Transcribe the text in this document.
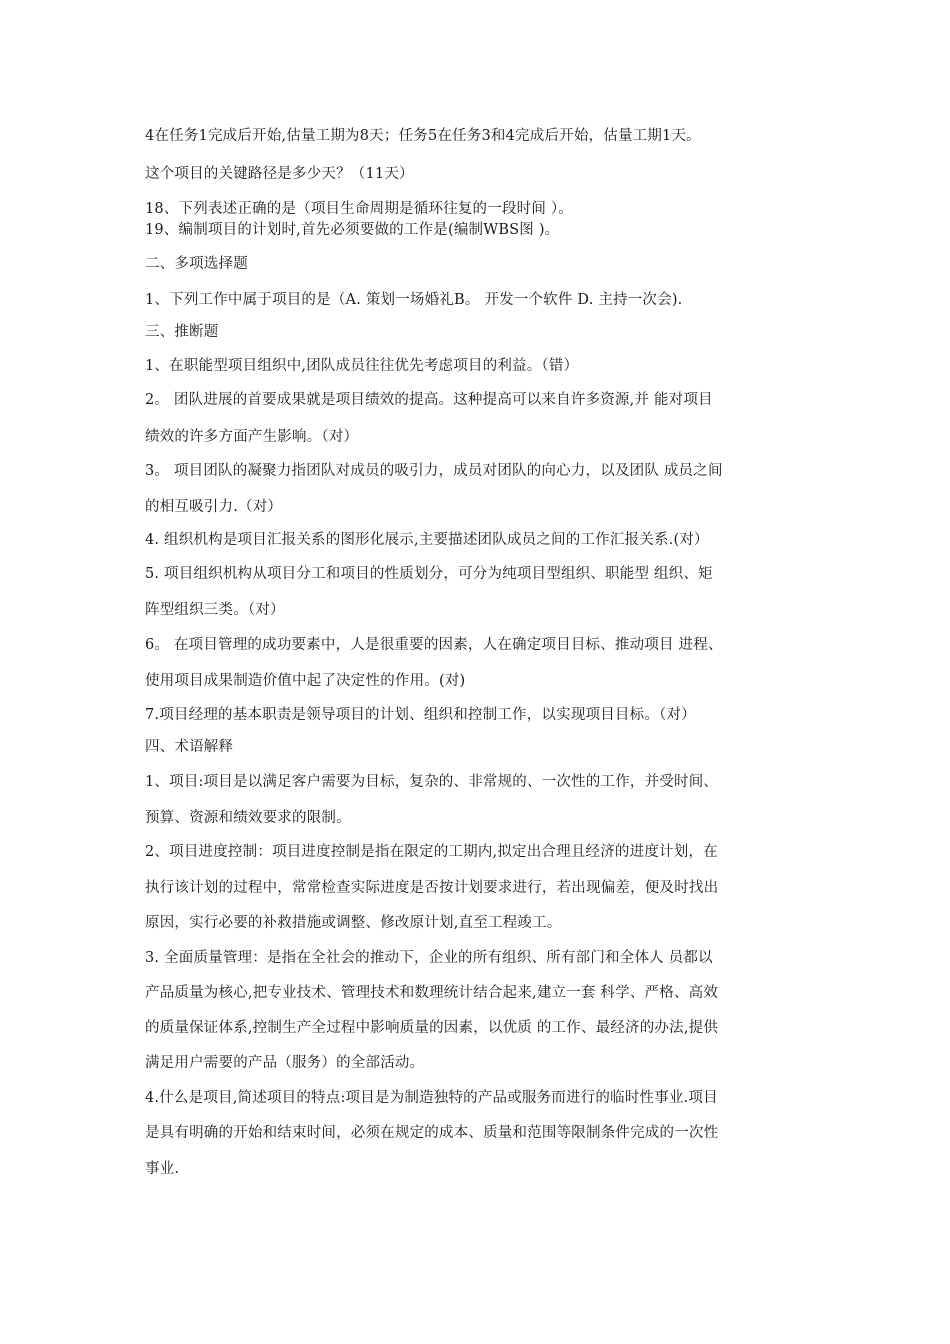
4在任务1完成后开始,估量工期为8天；任务5在任务3和4完成后开始，估量工期1天。
这个项目的关键路径是多少天？（11天）
18、下列表述正确的是（项目生命周期是循环往复的一段时间 ）。
19、编制项目的计划时,首先必须要做的工作是(编制WBS图 )。
二、多项选择题
1、下列工作中属于项目的是（A. 策划一场婚礼B。 开发一个软件 D. 主持一次会).
三、推断题
1、在职能型项目组织中,团队成员往往优先考虑项目的利益。（错）
2。 团队进展的首要成果就是项目绩效的提高。这种提高可以来自许多资源,并 能对项目
绩效的许多方面产生影响。（对）
3。 项目团队的凝聚力指团队对成员的吸引力，成员对团队的向心力，以及团队 成员之间
的相互吸引力.（对）
4. 组织机构是项目汇报关系的图形化展示,主要描述团队成员之间的工作汇报关系.(对）
5. 项目组织机构从项目分工和项目的性质划分，可分为纯项目型组织、职能型 组织、矩
阵型组织三类。（对）
6。 在项目管理的成功要素中，人是很重要的因素，人在确定项目目标、推动项目 进程、
使用项目成果制造价值中起了决定性的作用。(对)
7.项目经理的基本职责是领导项目的计划、组织和控制工作，以实现项目目标。（对）
四、术语解释
1、项目:项目是以满足客户需要为目标，复杂的、非常规的、一次性的工作，并受时间、
预算、资源和绩效要求的限制。
2、项目进度控制：项目进度控制是指在限定的工期内,拟定出合理且经济的进度计划，在
执行该计划的过程中，常常检查实际进度是否按计划要求进行，若出现偏差，便及时找出
原因，实行必要的补救措施或调整、修改原计划,直至工程竣工。
3. 全面质量管理：是指在全社会的推动下，企业的所有组织、所有部门和全体人 员都以
产品质量为核心,把专业技术、管理技术和数理统计结合起来,建立一套 科学、严格、高效
的质量保证体系,控制生产全过程中影响质量的因素，以优质 的工作、最经济的办法,提供
满足用户需要的产品（服务）的全部活动。
4.什么是项目,简述项目的特点:项目是为制造独特的产品或服务而进行的临时性事业.项目
是具有明确的开始和结束时间，必须在规定的成本、质量和范围等限制条件完成的一次性
事业.
